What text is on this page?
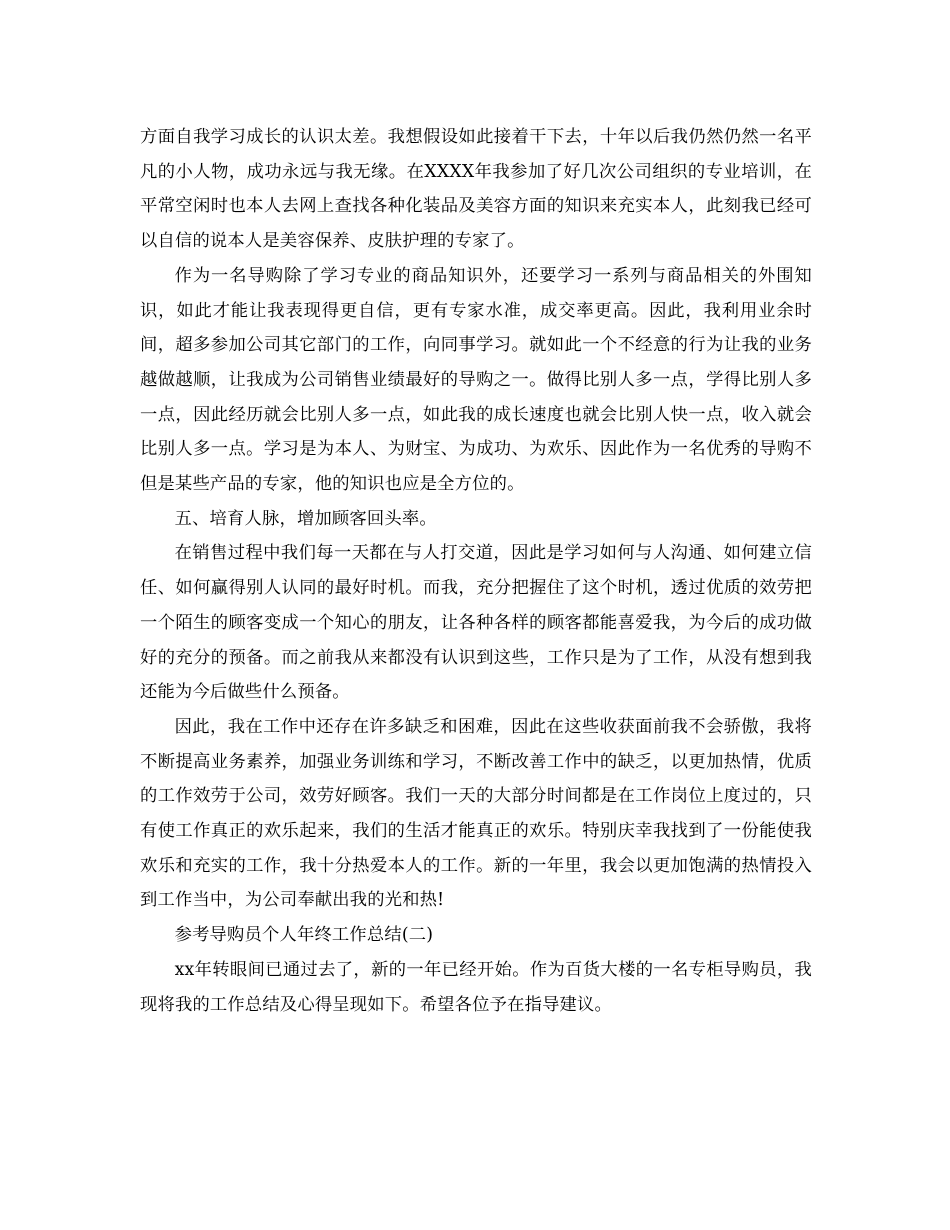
方面自我学习成长的认识太差。我想假设如此接着干下去，十年以后我仍然仍然一名平凡的小人物，成功永远与我无缘。在XXXX年我参加了好几次公司组织的专业培训，在平常空闲时也本人去网上查找各种化装品及美容方面的知识来充实本人，此刻我已经可以自信的说本人是美容保养、皮肤护理的专家了。

作为一名导购除了学习专业的商品知识外，还要学习一系列与商品相关的外围知识，如此才能让我表现得更自信，更有专家水准，成交率更高。因此，我利用业余时间，超多参加公司其它部门的工作，向同事学习。就如此一个不经意的行为让我的业务越做越顺，让我成为公司销售业绩最好的导购之一。做得比别人多一点，学得比别人多一点，因此经历就会比别人多一点，如此我的成长速度也就会比别人快一点，收入就会比别人多一点。学习是为本人、为财宝、为成功、为欢乐、因此作为一名优秀的导购不但是某些产品的专家，他的知识也应是全方位的。

五、培育人脉，增加顾客回头率。

在销售过程中我们每一天都在与人打交道，因此是学习如何与人沟通、如何建立信任、如何赢得别人认同的最好时机。而我，充分把握住了这个时机，透过优质的效劳把一个陌生的顾客变成一个知心的朋友，让各种各样的顾客都能喜爱我，为今后的成功做好的充分的预备。而之前我从来都没有认识到这些，工作只是为了工作，从没有想到我还能为今后做些什么预备。

因此，我在工作中还存在许多缺乏和困难，因此在这些收获面前我不会骄傲，我将不断提高业务素养，加强业务训练和学习，不断改善工作中的缺乏，以更加热情，优质的工作效劳于公司，效劳好顾客。我们一天的大部分时间都是在工作岗位上度过的，只有使工作真正的欢乐起来，我们的生活才能真正的欢乐。特别庆幸我找到了一份能使我欢乐和充实的工作，我十分热爱本人的工作。新的一年里，我会以更加饱满的热情投入到工作当中，为公司奉献出我的光和热!

参考导购员个人年终工作总结(二)

xx年转眼间已通过去了，新的一年已经开始。作为百货大楼的一名专柜导购员，我现将我的工作总结及心得呈现如下。希望各位予在指导建议。
